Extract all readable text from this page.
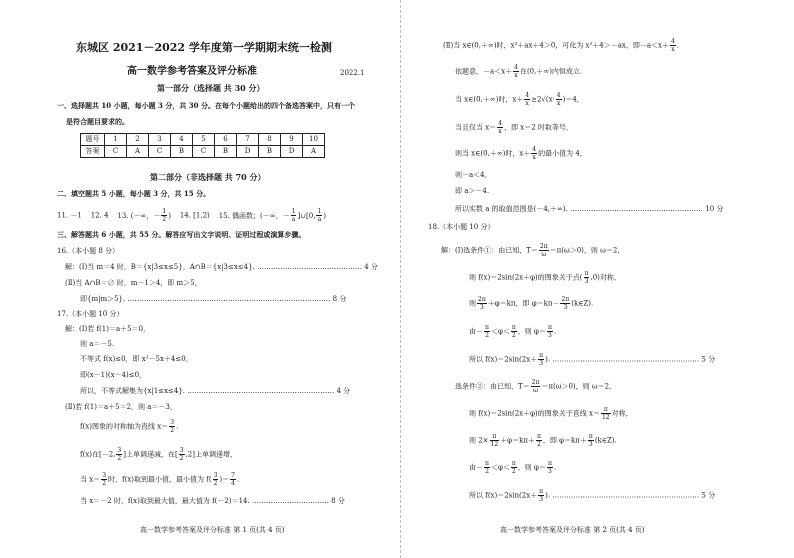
东城区 2021－2022 学年度第一学期期末统一检测
高一数学参考答案及评分标准	2022.1
第一部分（选择题 共 30 分）
一、选择题共 10 小题，每小题 3 分，共 30 分。在每个小题给出的四个备选答案中，只有一个
是符合题目要求的。
题号	1	2	3	4	5	6	7	8	9	10
答案	C	A	C	B	C	B	D	B	D	A
第二部分（非选择题 共 70 分）
二、填空题共 5 小题，每小题 3 分，共 15 分。
11. －1 12. 4 13. (－∞，－ $\frac{1}{2}$ ) 14. [1,2) 15. 偶函数；(－∞，－ $\frac{1}{a}$ ]∪[0, $\frac{1}{a}$ )
三、解答题共 6 小题，共 55 分。解答应写出文字说明、证明过程或演算步骤。
16.（本小题 8 分）
解：(Ⅰ)当 m＝4 时，B＝{x|3≤x≤5}，A∩B＝{x|3≤x≤4}. ……………………………………… 4 分
(Ⅱ)当 A∩B＝∅ 时，m－1＞4，即 m＞5，
即{m|m＞5}. …………………………………………………………………………… 8 分
17.（本小题 10 分）
解：(Ⅰ)若 f(1)＝a＋5＝0，
则 a＝－5.
不等式 f(x)≤0，即 x²－5x＋4≤0，
即(x－1)(x－4)≤0，
所以，不等式解集为{x|1≤x≤4}. ……………………………………………………… 4 分
(Ⅱ)若 f(1)＝a＋5＝2，则 a＝－3，
f(x)图象的对称轴为直线 $x= \frac{3}{2}$ .
f(x)在[－2, $\frac{3}{2}$ ]上单调递减，在[ $\frac{3}{2} ,2$]上单调递增，
当 $x= \frac{3}{2}$ 时，f(x)取到最小值，最小值为 $f( \frac{3}{2}$ )＝ $\frac{7}{4}$ .
当 x＝－2 时，f(x)取到最大值，最大值为 f(－2)＝14. …………………………… 8 分
高一数学参考答案及评分标准 第 1 页(共 4 页)
(Ⅱ)当 x∈(0,＋∞)时，x²＋ax＋4＞0，可化为 x²＋4＞－ax，即$-a<x+ \frac{4}{x}$ .
依题意，$-a<x+ \frac{4}{x}$ 在(0,＋∞)内恒成立.
当 x∈(0,＋∞)时，$x+ \frac{4}{x} \ge 2√(x\cdot \frac{4}{x} )=4$，
当且仅当 $x= \frac{4}{x}$ ，即 x＝2 时取等号，
则当 x∈(0,＋∞)时，$x+ \frac{4}{x}$ 的最小值为 4，
则－a＜4，
即 a＞－4.
所以实数 a 的取值范围是(－4,＋∞). ………………………………………………… 10 分
18.（本小题 10 分）
解：(Ⅰ)选条件①：由已知，$T= \frac{2\pi}{\omega} =\pi(\omega>0)$，则 ω＝2，
则 f(x)＝2sin(2x＋φ)的图象关于点( $\frac{\pi}{3} ,0$)对称，
则 $\frac{2\pi}{3} +\varphi=k\pi$，即 $\varphi=k\pi- \frac{2\pi}{3}$ (k∈Z).
由－ $\frac{\pi}{2} <\varphi< \frac{\pi}{2}$ ，则 $\varphi= \frac{\pi}{3}$ .
所以 $f(x)=2\sin(2x+ \frac{\pi}{3}$ ). ……………………………………………………… 5 分
选条件②：由已知，$T= \frac{2\pi}{\omega} =\pi(\omega>0)$，则 ω＝2，
则 f(x)＝2sin(2x＋φ)的图象关于直线 $x= \frac{\pi}{12}$ 对称，
则 $2\times \frac{\pi}{12} +\varphi=k\pi+ \frac{\pi}{2}$ ，即 $\varphi=k\pi+ \frac{\pi}{3}$ (k∈Z).
由－ $\frac{\pi}{2} <\varphi< \frac{\pi}{2}$ ，则 $\varphi= \frac{\pi}{3}$ .
所以 $f(x)=2\sin(2x+ \frac{\pi}{3}$ ). ……………………………………………………… 5 分
高一数学参考答案及评分标准 第 2 页(共 4 页)
